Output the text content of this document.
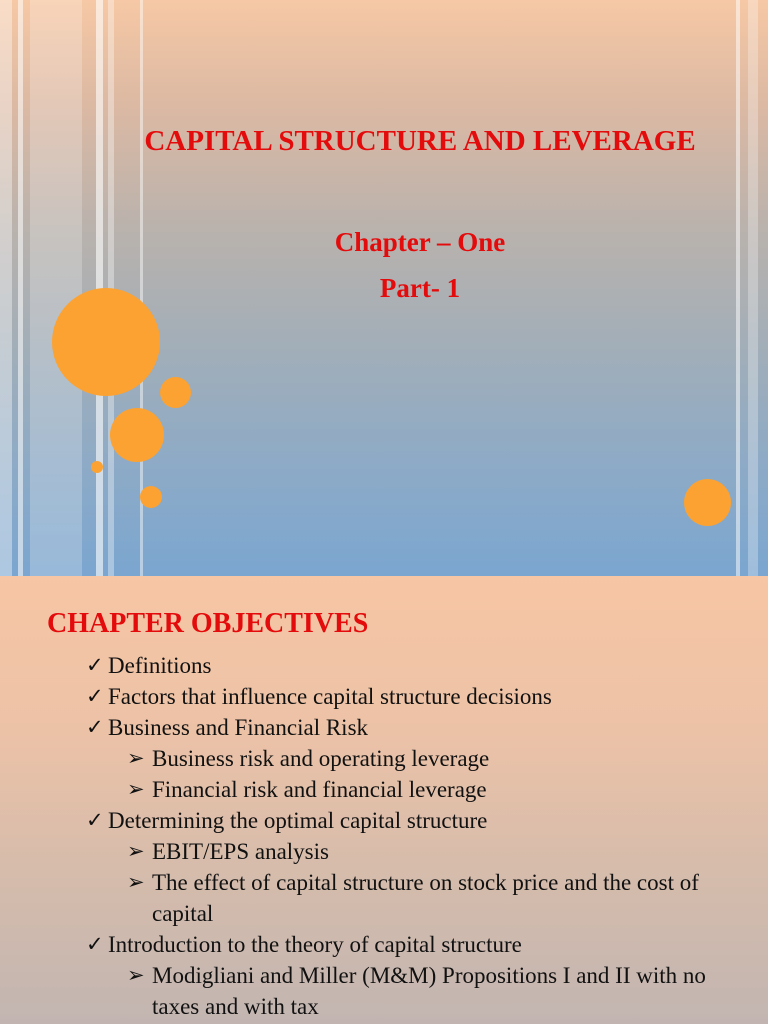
CAPITAL STRUCTURE AND LEVERAGE
Chapter – One
Part- 1
CHAPTER OBJECTIVES
✓ Definitions
✓ Factors that influence capital structure decisions
✓ Business and Financial Risk
➢ Business risk and operating leverage
➢ Financial risk and financial leverage
✓ Determining the optimal capital structure
➢ EBIT/EPS analysis
➢ The effect of capital structure on stock price and the cost of capital
✓ Introduction to the theory of capital structure
➢ Modigliani and Miller (M&M) Propositions I and II with no taxes and with tax
